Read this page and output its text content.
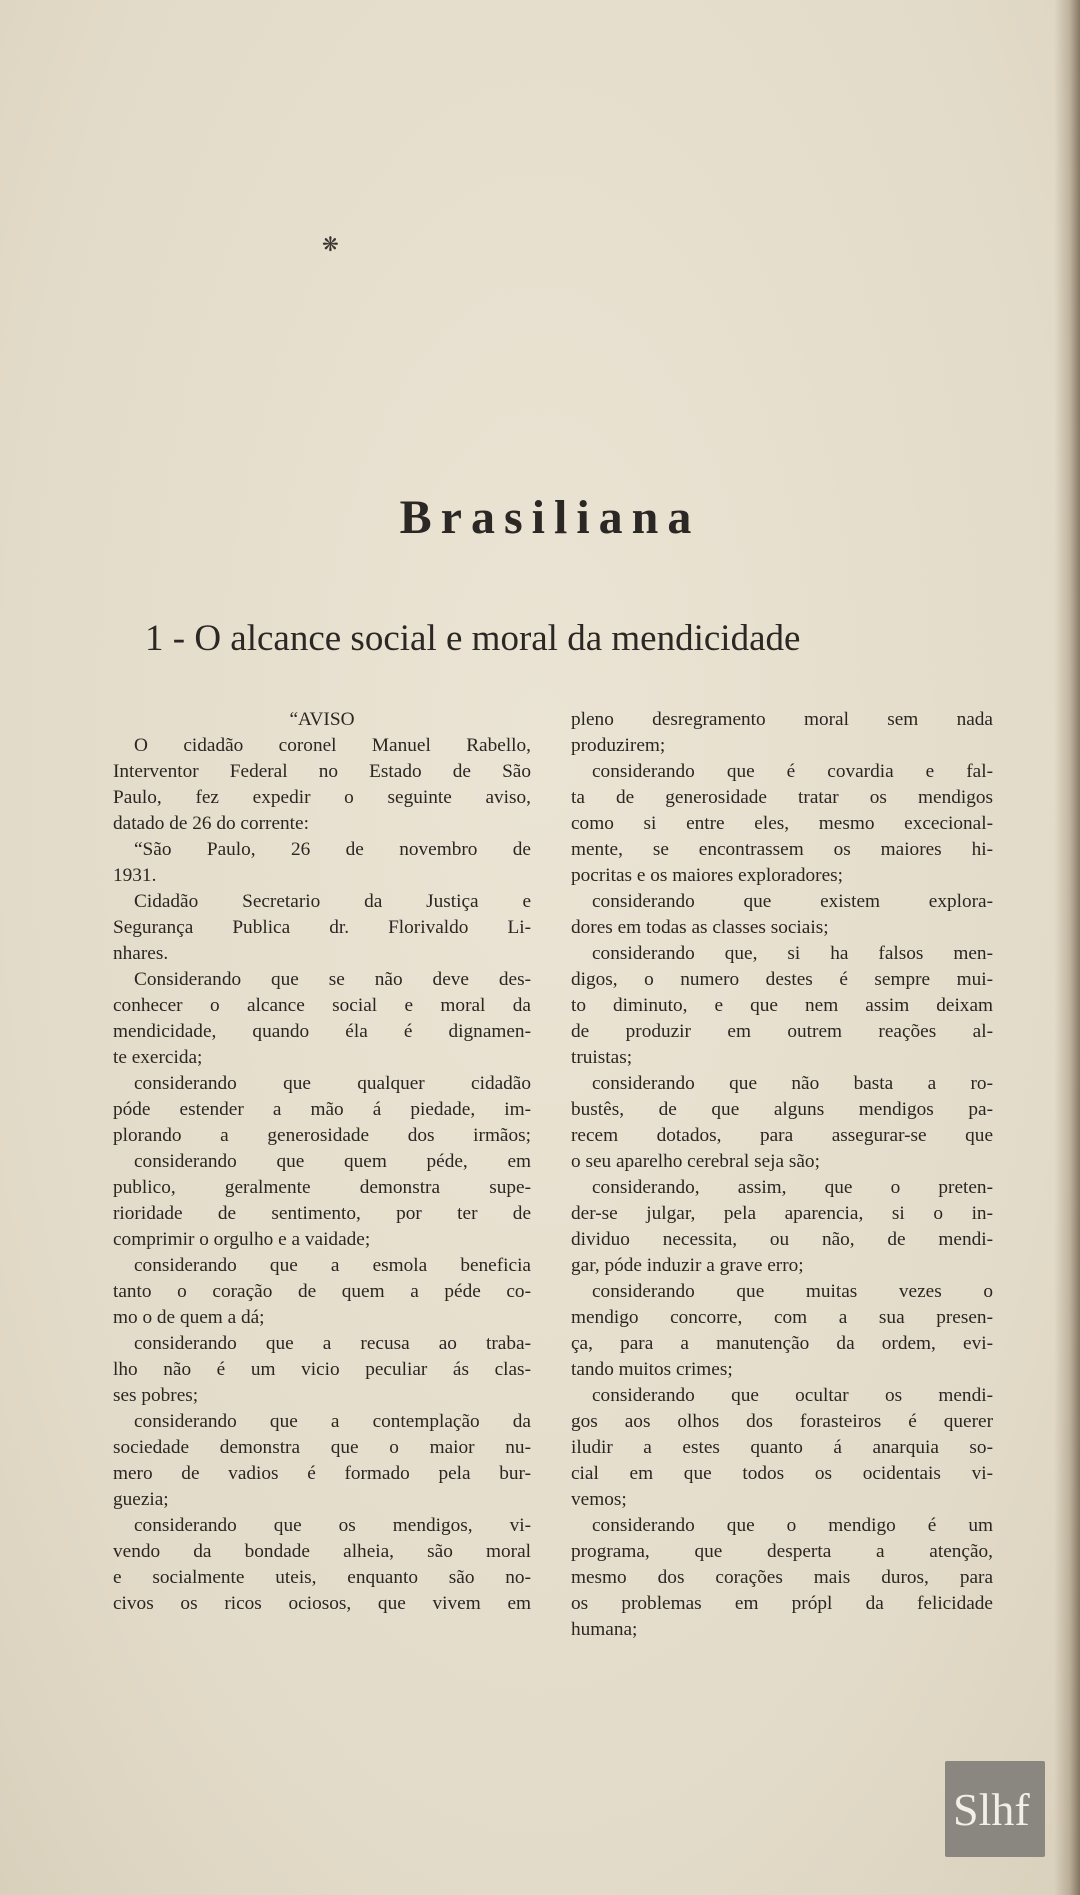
❋
Brasiliana
1 - O alcance social e moral da mendicidade
“AVISO
O cidadão coronel Manuel Rabello,
Interventor Federal no Estado de São
Paulo, fez expedir o seguinte aviso,
datado de 26 do corrente:
“São Paulo, 26 de novembro de
1931.
Cidadão Secretario da Justiça e
Segurança Publica dr. Florivaldo Li-
nhares.
Considerando que se não deve des-
conhecer o alcance social e moral da
mendicidade, quando éla é dignamen-
te exercida;
considerando que qualquer cidadão
póde estender a mão á piedade, im-
plorando a generosidade dos irmãos;
considerando que quem péde, em
publico, geralmente demonstra supe-
rioridade de sentimento, por ter de
comprimir o orgulho e a vaidade;
considerando que a esmola beneficia
tanto o coração de quem a péde co-
mo o de quem a dá;
considerando que a recusa ao traba-
lho não é um vicio peculiar ás clas-
ses pobres;
considerando que a contemplação da
sociedade demonstra que o maior nu-
mero de vadios é formado pela bur-
guezia;
considerando que os mendigos, vi-
vendo da bondade alheia, são moral
e socialmente uteis, enquanto são no-
civos os ricos ociosos, que vivem em
pleno desregramento moral sem nada
produzirem;
considerando que é covardia e fal-
ta de generosidade tratar os mendigos
como si entre eles, mesmo excecional-
mente, se encontrassem os maiores hi-
pocritas e os maiores exploradores;
considerando que existem explora-
dores em todas as classes sociais;
considerando que, si ha falsos men-
digos, o numero destes é sempre mui-
to diminuto, e que nem assim deixam
de produzir em outrem reações al-
truistas;
considerando que não basta a ro-
bustês, de que alguns mendigos pa-
recem dotados, para assegurar-se que
o seu aparelho cerebral seja são;
considerando, assim, que o preten-
der-se julgar, pela aparencia, si o in-
dividuo necessita, ou não, de mendi-
gar, póde induzir a grave erro;
considerando que muitas vezes o
mendigo concorre, com a sua presen-
ça, para a manutenção da ordem, evi-
tando muitos crimes;
considerando que ocultar os mendi-
gos aos olhos dos forasteiros é querer
iludir a estes quanto á anarquia so-
cial em que todos os ocidentais vi-
vemos;
considerando que o mendigo é um
programa, que desperta a atenção,
mesmo dos corações mais duros, para
os problemas em própl da felicidade
humana;
Slhf
